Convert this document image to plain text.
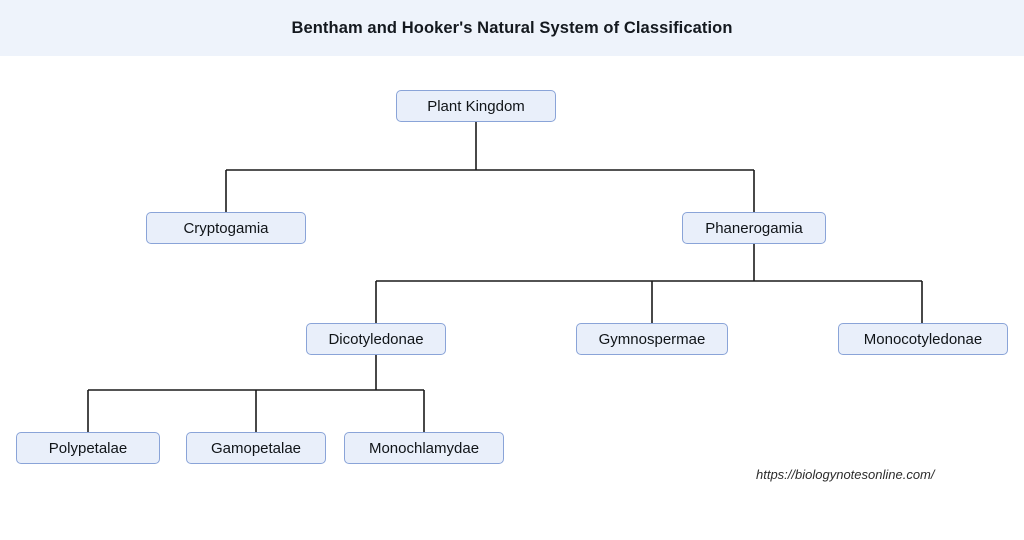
Bentham and Hooker's Natural System of Classification
Plant Kingdom
Cryptogamia	Phanerogamia
Dicotyledonae	Gymnospermae	Monocotyledonae
Polypetalae	Gamopetalae	Monochlamydae
https://biologynotesonline.com/
